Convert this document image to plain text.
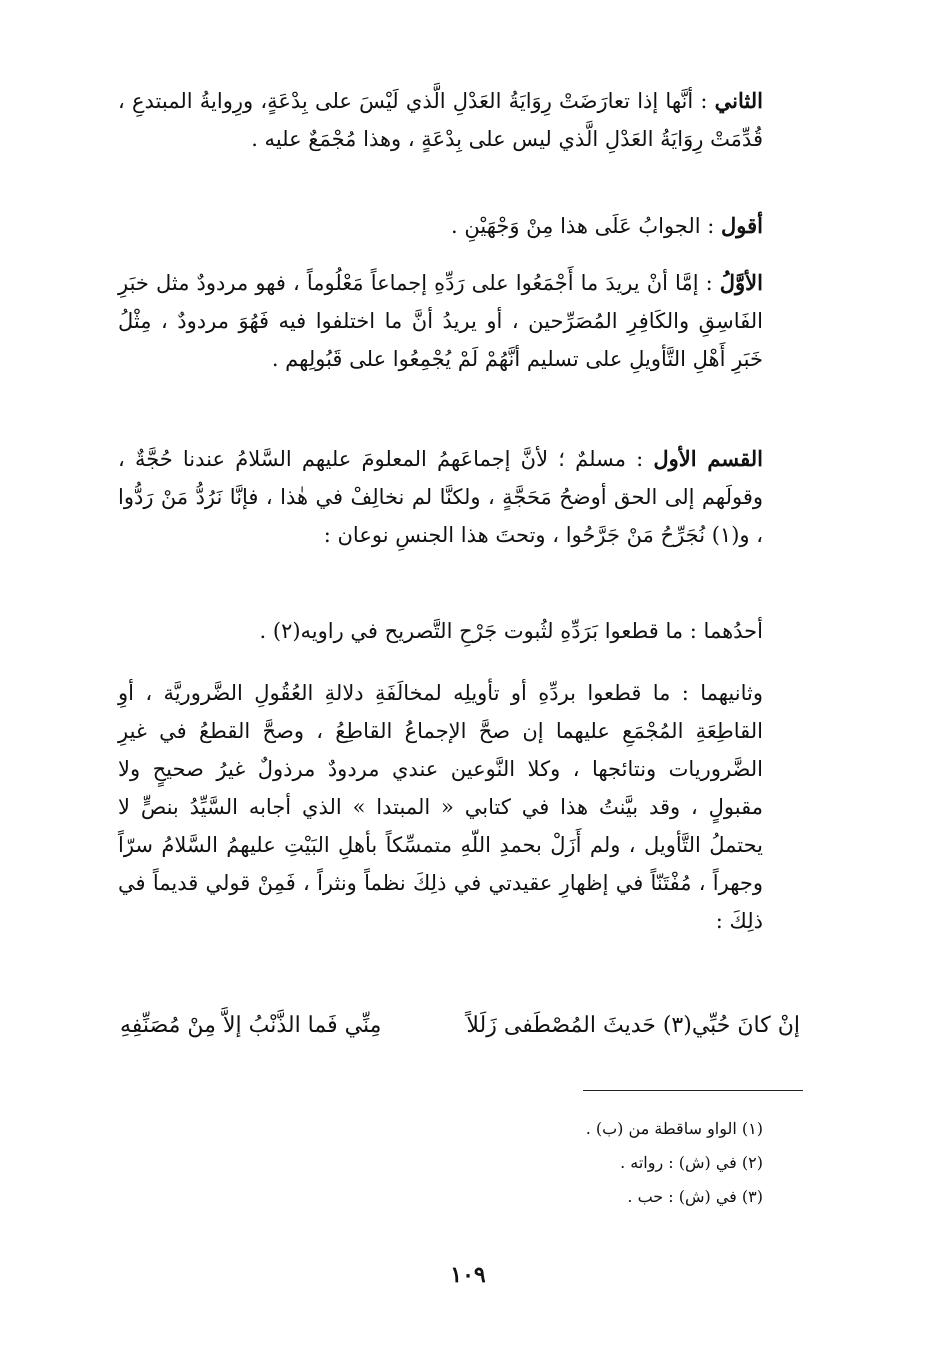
الثاني : أنَّها إذا تعارَضَتْ رِوَايَةُ العَدْلِ الَّذي لَيْسَ على بِدْعَةٍ، ورِوايةُ المبتدعِ ، قُدِّمَتْ رِوَايَةُ العَدْلِ الَّذي ليس على بِدْعَةٍ ، وهذا مُجْمَعٌ عليه .

أقول : الجوابُ عَلَى هذا مِنْ وَجْهَيْنِ .

الأوَّلُ : إمَّا أنْ يريدَ ما أَجْمَعُوا على رَدِّهِ إجماعاً مَعْلُوماً ، فهو مردودٌ مثل خبَرِ الفَاسِقِ والكَافِرِ المُصَرِّحين ، أو يريدُ أنَّ ما اختلفوا فيه فَهُوَ مردودٌ ، مِثْلُ خَبَرِ أَهْلِ التَّأويلِ على تسليم أنَّهُمْ لَمْ يُجْمِعُوا على قَبُولِهم .

القسم الأول : مسلمٌ ؛ لأنَّ إجماعَهمُ المعلومَ عليهم السَّلامُ عندنا حُجَّةٌ ، وقولَهم إلى الحق أوضحُ مَحَجَّةٍ ، ولكنَّا لم نخالِفْ في هٰذا ، فإنَّا نَرُدُّ مَنْ رَدُّوا ، و(١) نُجَرِّحُ مَنْ جَرَّحُوا ، وتحتَ هذا الجنسِ نوعان :

أحدُهما : ما قطعوا بَرَدِّهِ لثُبوت جَرْحِ التَّصريح في راويه(٢) .

وثانيهما : ما قطعوا بردِّهِ أو تأويلِه لمخالَفَةِ دلالةِ العُقُولِ الضَّروريَّة ، أوِ القاطِعَةِ المُجْمَعِ عليهما إن صحَّ الإجماعُ القاطِعُ ، وصحَّ القطعُ في غيرِ الضَّروريات ونتائجها ، وكلا النَّوعين عندي مردودٌ مرذولٌ غيرُ صحيحٍ ولا مقبولٍ ، وقد بيَّنتُ هذا في كتابي « المبتدا » الذي أجابه السَّيِّدُ بنصٍّ لا يحتملُ التَّأويل ، ولم أَزَلْ بحمدِ اللّهِ متمسِّكاً بأهلِ البَيْتِ عليهمُ السَّلامُ سرّاً وجهراً ، مُفْتَنّاً في إظهارِ عقيدتي في ذلِكَ نظماً ونثراً ، فَمِنْ قولي قديماً في ذلِكَ :

إنْ كانَ حُبِّي(٣) حَديثَ المُصْطَفى زَلَلاً
مِنِّي فَما الذَّنْبُ إلاَّ مِنْ مُصَنِّفِهِ
(١) الواو ساقطة من (ب) .
(٢) في (ش) : رواته .
(٣) في (ش) : حب .
١٠٩
